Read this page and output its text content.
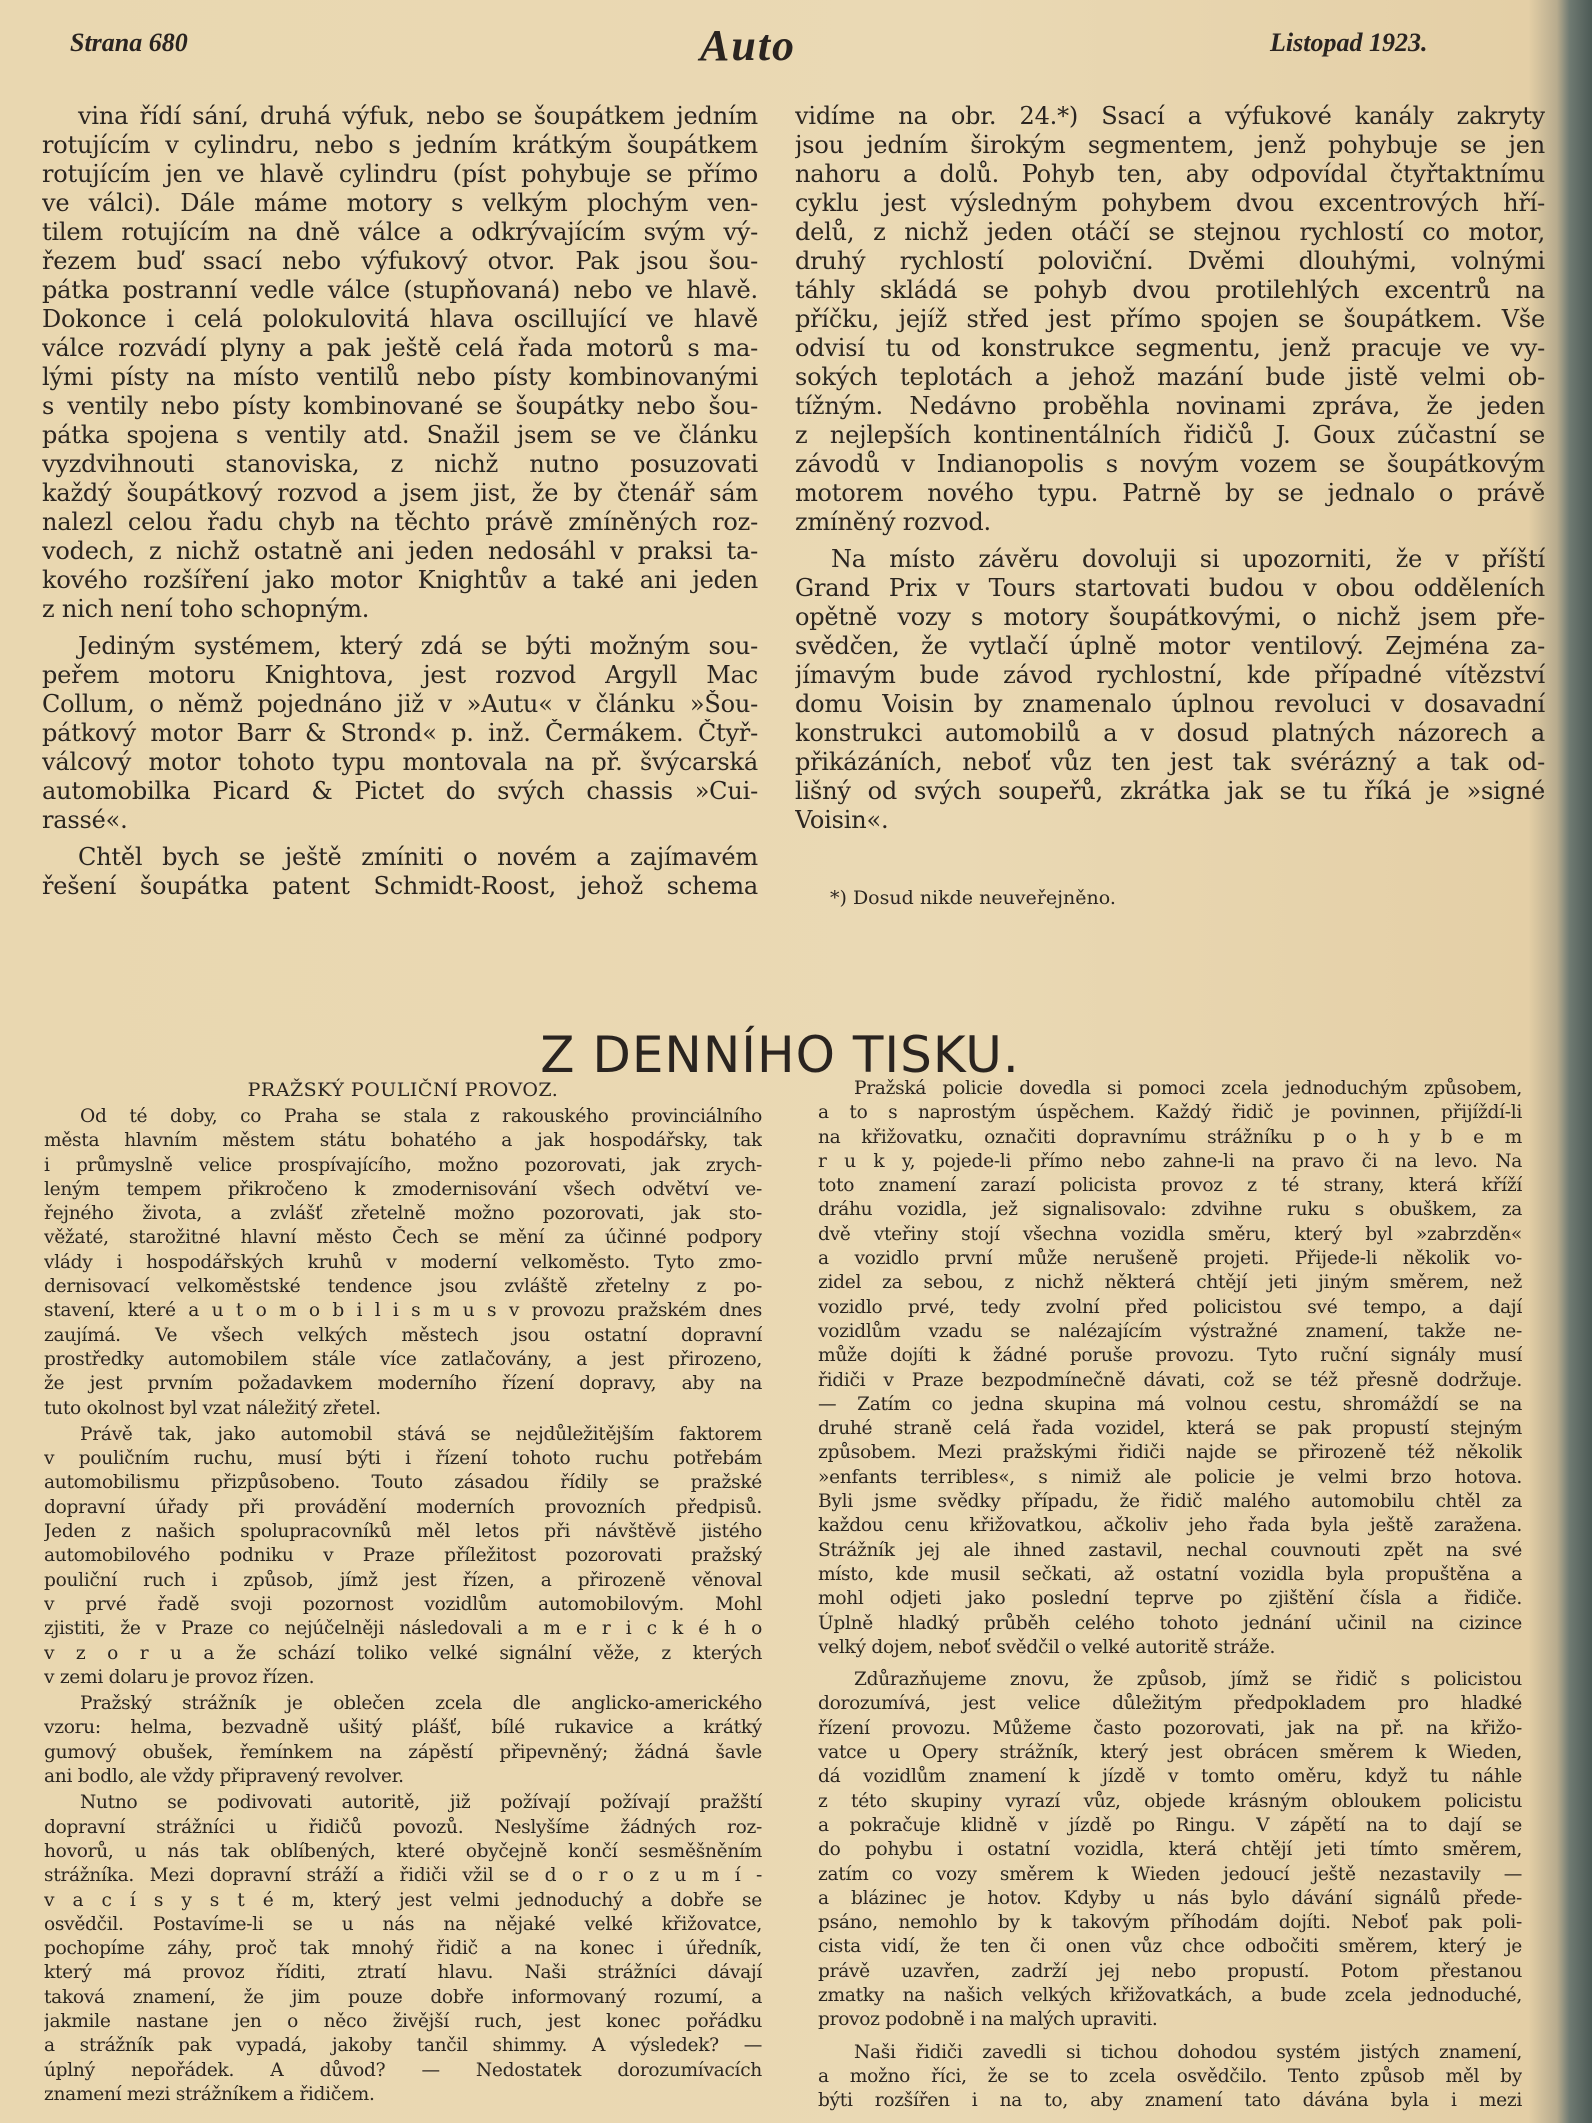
Strana 680	Auto	Listopad 1923.
vina řídí sání, druhá výfuk, nebo se šoupátkem jedním
rotujícím v cylindru, nebo s jedním krátkým šoupátkem
rotujícím jen ve hlavě cylindru (píst pohybuje se přímo
ve válci). Dále máme motory s velkým plochým ven-
tilem rotujícím na dně válce a odkrývajícím svým vý-
řezem buď ssací nebo výfukový otvor. Pak jsou šou-
pátka postranní vedle válce (stupňovaná) nebo ve hlavě.
Dokonce i celá polokulovitá hlava oscillující ve hlavě
válce rozvádí plyny a pak ještě celá řada motorů s ma-
lými písty na místo ventilů nebo písty kombinovanými
s ventily nebo písty kombinované se šoupátky nebo šou-
pátka spojena s ventily atd. Snažil jsem se ve článku
vyzdvihnouti stanoviska, z nichž nutno posuzovati
každý šoupátkový rozvod a jsem jist, že by čtenář sám
nalezl celou řadu chyb na těchto právě zmíněných roz-
vodech, z nichž ostatně ani jeden nedosáhl v praksi ta-
kového rozšíření jako motor Knightův a také ani jeden
z nich není toho schopným.
Jediným systémem, který zdá se býti možným sou-
peřem motoru Knightova, jest rozvod Argyll Mac
Collum, o němž pojednáno již v »Autu« v článku »Šou-
pátkový motor Barr & Strond« p. inž. Čermákem. Čtyř-
válcový motor tohoto typu montovala na př. švýcarská
automobilka Picard & Pictet do svých chassis »Cui-
rassé«.
Chtěl bych se ještě zmíniti o novém a zajímavém
řešení šoupátka patent Schmidt-Roost, jehož schema
vidíme na obr. 24.*) Ssací a výfukové kanály zakryty
jsou jedním širokým segmentem, jenž pohybuje se jen
nahoru a dolů. Pohyb ten, aby odpovídal čtyřtaktnímu
cyklu jest výsledným pohybem dvou excentrových hří-
delů, z nichž jeden otáčí se stejnou rychlostí co motor,
druhý rychlostí poloviční. Dvěmi dlouhými, volnými
táhly skládá se pohyb dvou protilehlých excentrů na
příčku, jejíž střed jest přímo spojen se šoupátkem. Vše
odvisí tu od konstrukce segmentu, jenž pracuje ve vy-
sokých teplotách a jehož mazání bude jistě velmi ob-
tížným. Nedávno proběhla novinami zpráva, že jeden
z nejlepších kontinentálních řidičů J. Goux zúčastní se
závodů v Indianopolis s novým vozem se šoupátkovým
motorem nového typu. Patrně by se jednalo o právě
zmíněný rozvod.
Na místo závěru dovoluji si upozorniti, že v příští
Grand Prix v Tours startovati budou v obou odděleních
opětně vozy s motory šoupátkovými, o nichž jsem pře-
svědčen, že vytlačí úplně motor ventilový. Zejména za-
jímavým bude závod rychlostní, kde případné vítězství
domu Voisin by znamenalo úplnou revoluci v dosavadní
konstrukci automobilů a v dosud platných názorech a
přikázáních, neboť vůz ten jest tak svérázný a tak od-
lišný od svých soupeřů, zkrátka jak se tu říká je »signé
Voisin«.
*) Dosud nikde neuveřejněno.
Z DENNÍHO TISKU.
PRAŽSKÝ POULIČNÍ PROVOZ.
Od té doby, co Praha se stala z rakouského provinciálního
města hlavním městem státu bohatého a jak hospodářsky, tak
i průmyslně velice prospívajícího, možno pozorovati, jak zrych-
leným tempem přikročeno k zmodernisování všech odvětví ve-
řejného života, a zvlášť zřetelně možno pozorovati, jak sto-
věžaté, starožitné hlavní město Čech se mění za účinné podpory
vlády i hospodářských kruhů v moderní velkoměsto. Tyto zmo-
dernisovací velkoměstské tendence jsou zvláště zřetelny z po-
stavení, které a u t o m o b i l i s m u s v provozu pražském dnes
zaujímá. Ve všech velkých městech jsou ostatní dopravní
prostředky automobilem stále více zatlačovány, a jest přirozeno,
že jest prvním požadavkem moderního řízení dopravy, aby na
tuto okolnost byl vzat náležitý zřetel.
Právě tak, jako automobil stává se nejdůležitějším faktorem
v pouličním ruchu, musí býti i řízení tohoto ruchu potřebám
automobilismu přizpůsobeno. Touto zásadou řídily se pražské
dopravní úřady při provádění moderních provozních předpisů.
Jeden z našich spolupracovníků měl letos při návštěvě jistého
automobilového podniku v Praze příležitost pozorovati pražský
pouliční ruch i způsob, jímž jest řízen, a přirozeně věnoval
v prvé řadě svoji pozornost vozidlům automobilovým. Mohl
zjistiti, že v Praze co nejúčelněji následovali a m e r i c k é h o
v z o r u a že schází toliko velké signální věže, z kterých
v zemi dolaru je provoz řízen.
Pražský strážník je oblečen zcela dle anglicko-amerického
vzoru: helma, bezvadně ušitý plášť, bílé rukavice a krátký
gumový obušek, řemínkem na zápěstí připevněný; žádná šavle
ani bodlo, ale vždy připravený revolver.
Nutno se podivovati autoritě, již požívají požívají pražští
dopravní strážníci u řidičů povozů. Neslyšíme žádných roz-
hovorů, u nás tak oblíbených, které obyčejně končí sesměšněním
strážníka. Mezi dopravní stráží a řidiči vžil se d o r o z u m í -
v a c í s y s t é m, který jest velmi jednoduchý a dobře se
osvědčil. Postavíme-li se u nás na nějaké velké křižovatce,
pochopíme záhy, proč tak mnohý řidič a na konec i úředník,
který má provoz říditi, ztratí hlavu. Naši strážníci dávají
taková znamení, že jim pouze dobře informovaný rozumí, a
jakmile nastane jen o něco živější ruch, jest konec pořádku
a strážník pak vypadá, jakoby tančil shimmy. A výsledek? —
úplný nepořádek. A důvod? — Nedostatek dorozumívacích
znamení mezi strážníkem a řidičem.
Pražská policie dovedla si pomoci zcela jednoduchým způsobem,
a to s naprostým úspěchem. Každý řidič je povinnen, přijíždí-li
na křižovatku, označiti dopravnímu strážníku p o h y b e m
r u k y, pojede-li přímo nebo zahne-li na pravo či na levo. Na
toto znamení zarazí policista provoz z té strany, která kříží
dráhu vozidla, jež signalisovalo: zdvihne ruku s obuškem, za
dvě vteřiny stojí všechna vozidla směru, který byl »zabrzděn«
a vozidlo první může nerušeně projeti. Přijede-li několik vo-
zidel za sebou, z nichž některá chtějí jeti jiným směrem, než
vozidlo prvé, tedy zvolní před policistou své tempo, a dají
vozidlům vzadu se nalézajícím výstražné znamení, takže ne-
může dojíti k žádné poruše provozu. Tyto ruční signály musí
řidiči v Praze bezpodmínečně dávati, což se též přesně dodržuje.
— Zatím co jedna skupina má volnou cestu, shromáždí se na
druhé straně celá řada vozidel, která se pak propustí stejným
způsobem. Mezi pražskými řidiči najde se přirozeně též několik
»enfants terribles«, s nimiž ale policie je velmi brzo hotova.
Byli jsme svědky případu, že řidič malého automobilu chtěl za
každou cenu křižovatkou, ačkoliv jeho řada byla ještě zaražena.
Strážník jej ale ihned zastavil, nechal couvnouti zpět na své
místo, kde musil sečkati, až ostatní vozidla byla propuštěna a
mohl odjeti jako poslední teprve po zjištění čísla a řidiče.
Úplně hladký průběh celého tohoto jednání učinil na cizince
velký dojem, neboť svědčil o velké autoritě stráže.
Zdůrazňujeme znovu, že způsob, jímž se řidič s policistou
dorozumívá, jest velice důležitým předpokladem pro hladké
řízení provozu. Můžeme často pozorovati, jak na př. na křižo-
vatce u Opery strážník, který jest obrácen směrem k Wieden,
dá vozidlům znamení k jízdě v tomto oměru, když tu náhle
z této skupiny vyrazí vůz, objede krásným obloukem policistu
a pokračuje klidně v jízdě po Ringu. V zápětí na to dají se
do pohybu i ostatní vozidla, která chtějí jeti tímto směrem,
zatím co vozy směrem k Wieden jedoucí ještě nezastavily —
a blázinec je hotov. Kdyby u nás bylo dávání signálů přede-
psáno, nemohlo by k takovým příhodám dojíti. Neboť pak poli-
cista vidí, že ten či onen vůz chce odbočiti směrem, který je
právě uzavřen, zadrží jej nebo propustí. Potom přestanou
zmatky na našich velkých křižovatkách, a bude zcela jednoduché,
provoz podobně i na malých upraviti.
Naši řidiči zavedli si tichou dohodou systém jistých znamení,
a možno říci, že se to zcela osvědčilo. Tento způsob měl by
býti rozšířen i na to, aby znamení tato dávána byla i mezi
